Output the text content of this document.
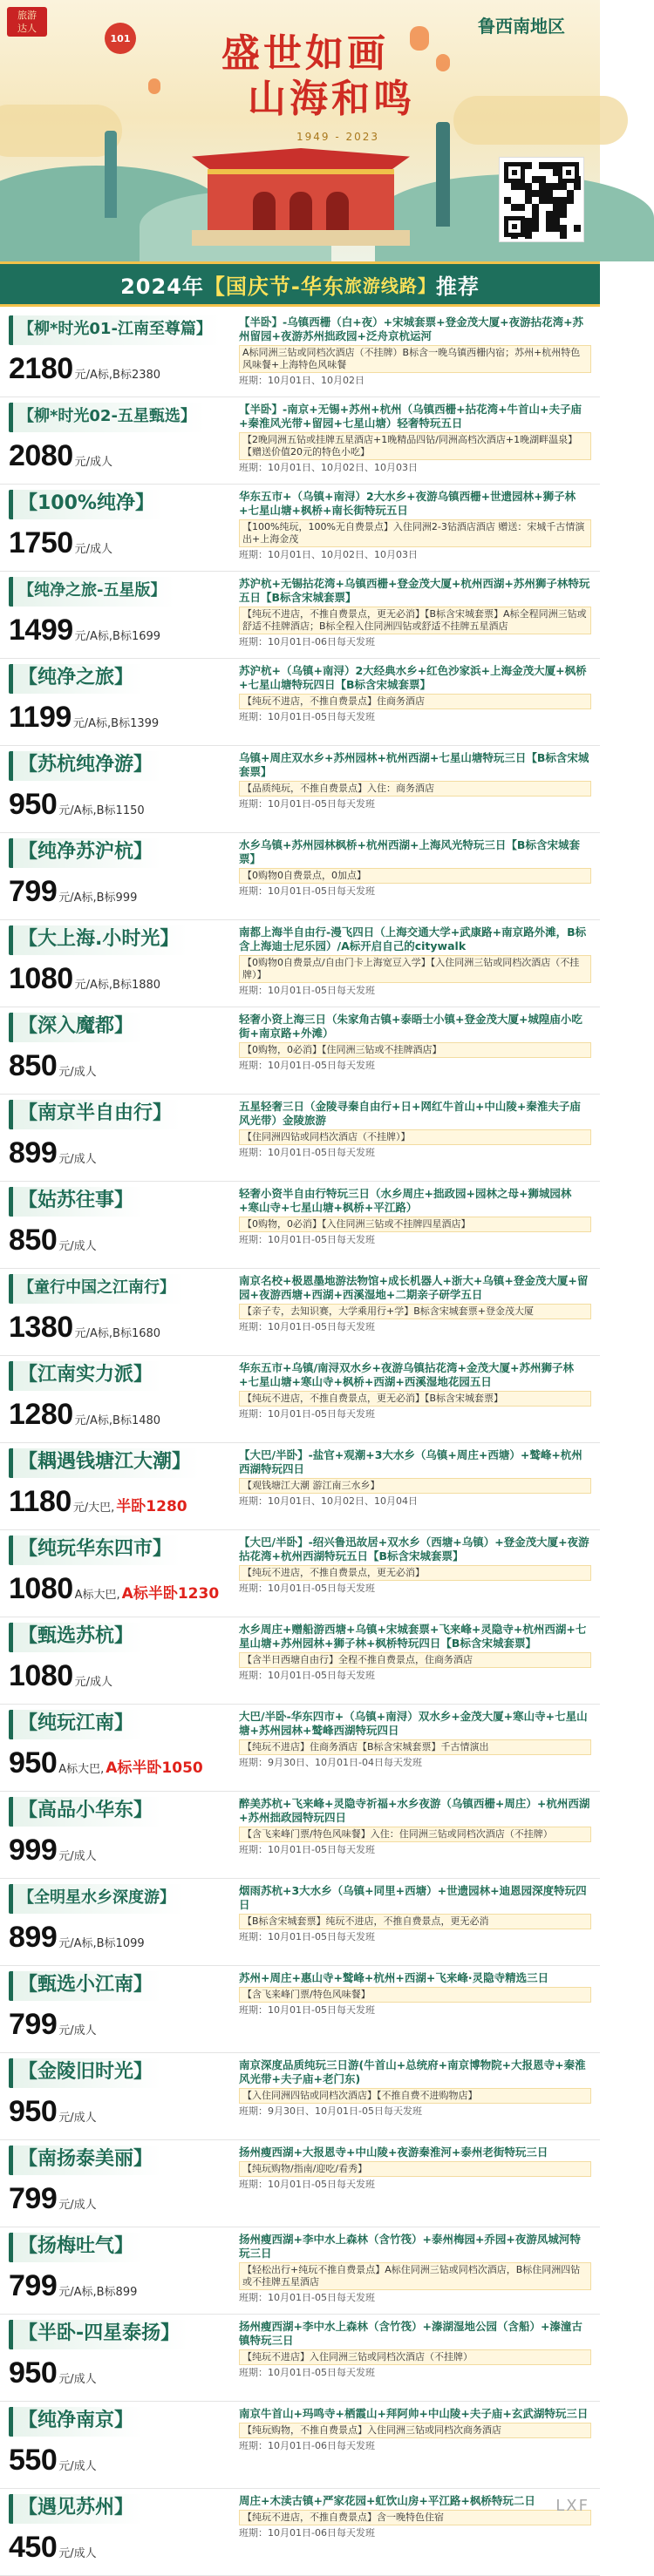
旅游
达人
101
鲁西南地区
盛世如画
山海和鸣
1949 - 2023
2024年 【国庆节-华东 旅游线路】 推荐
【柳*时光01-江南至尊篇】
2180 元/A标,B标2380
【半卧】-乌镇西栅（白+夜）+宋城套票+登金茂大厦+夜游拈花湾+苏州留园+夜游苏州拙政园+泛舟京杭运河
A标同洲三钻或同档次酒店（不挂牌）B标含一晚乌镇西栅内宿；苏州+杭州特色风味餐+上海特色风味餐
班期：10月01日、10月02日
【柳*时光02-五星甄选】
2080 元/成人
【半卧】-南京+无锡+苏州+杭州（乌镇西栅+拈花湾+牛首山+夫子庙+秦淮风光带+留园+七星山塘）轻奢特玩五日
【2晚同洲五钻或挂牌五星酒店+1晚精品四钻/同洲高档次酒店+1晚湖畔温泉】【赠送价值20元的特色小吃】
班期：10月01日、10月02日、10月03日
【100%纯净】
1750 元/成人
华东五市+（乌镇+南浔）2大水乡+夜游乌镇西栅+世遗园林+狮子林+七星山塘+枫桥+南长街特玩五日
【100%纯玩，100%无自费景点】入住同洲2-3钻酒店酒店 赠送：宋城千古情演出+上海金茂
班期：10月01日、10月02日、10月03日
【纯净之旅-五星版】
1499 元/A标,B标1699
苏沪杭+无锡拈花湾+乌镇西栅+登金茂大厦+杭州西湖+苏州狮子林特玩五日【B标含宋城套票】
【纯玩不进店，不推自费景点，更无必消】【B标含宋城套票】A标全程同洲三钻或舒适不挂牌酒店；B标全程入住同洲四钻或舒适不挂牌五星酒店
班期：10月01日-06日每天发班
【纯净之旅】
1199 元/A标,B标1399
苏沪杭+（乌镇+南浔）2大经典水乡+红色沙家浜+上海金茂大厦+枫桥+七星山塘特玩四日【B标含宋城套票】
【纯玩不进店，不推自费景点】住商务酒店
班期：10月01日-05日每天发班
【苏杭纯净游】
950 元/A标,B标1150
乌镇+周庄双水乡+苏州园林+杭州西湖+七星山塘特玩三日【B标含宋城套票】
【品质纯玩，不推自费景点】入住：商务酒店
班期：10月01日-05日每天发班
【纯净苏沪杭】
799 元/A标,B标999
水乡乌镇+苏州园林枫桥+杭州西湖+上海风光特玩三日【B标含宋城套票】
【0购物0自费景点，0加点】
班期：10月01日-05日每天发班
【大上海.小时光】
1080 元/A标,B标1880
南都上海半自由行-漫飞四日（上海交通大学+武康路+南京路外滩，B标含上海迪士尼乐园）/A标开启自己的citywalk
【0购物0自费景点/自由门卡上海宽豆入学】【入住同洲三钻或同档次酒店（不挂牌）】
班期：10月01日-05日每天发班
【深入魔都】
850 元/成人
轻奢小资上海三日（朱家角古镇+泰晤士小镇+登金茂大厦+城隍庙小吃街+南京路+外滩）
【0购物，0必消】【住同洲三钻或不挂牌酒店】
班期：10月01日-05日每天发班
【南京半自由行】
899 元/成人
五星轻奢三日（金陵寻秦自由行+日+网红牛首山+中山陵+秦淮夫子庙风光带）金陵旅游
【住同洲四钻或同档次酒店（不挂牌）】
班期：10月01日-05日每天发班
【姑苏往事】
850 元/成人
轻奢小资半自由行特玩三日（水乡周庄+拙政园+园林之母+狮城园林+寒山寺+七星山塘+枫桥+平江路）
【0购物，0必消】【入住同洲三钻或不挂牌四星酒店】
班期：10月01日-05日每天发班
【童行中国之江南行】
1380 元/A标,B标1680
南京名校+极恩墨地游法物馆+成长机器人+浙大+乌镇+登金茂大厦+留园+夜游西塘+西湖+西溪湿地+二期亲子研学五日
【亲子专，去知识赛，大学乘用行+学】B标含宋城套票+登金茂大厦
班期：10月01日-05日每天发班
【江南实力派】
1280 元/A标,B标1480
华东五市+乌镇/南浔双水乡+夜游乌镇拈花湾+金茂大厦+苏州狮子林+七星山塘+寒山寺+枫桥+西湖+西溪湿地花园五日
【纯玩不进店，不推自费景点，更无必消】【B标含宋城套票】
班期：10月01日-05日每天发班
【耦遇钱塘江大潮】
1180 元/大巴, 半卧1280
【大巴/半卧】-盐官+观潮+3大水乡（乌镇+周庄+西塘）+鹫峰+杭州西湖特玩四日
【观钱塘江大潮 游江南三水乡】
班期：10月01日、10月02日、10月04日
【纯玩华东四市】
1080 A标大巴, A标半卧1230
【大巴/半卧】-绍兴鲁迅故居+双水乡（西塘+乌镇）+登金茂大厦+夜游拈花湾+杭州西湖特玩五日【B标含宋城套票】
【纯玩不进店，不推自费景点，更无必消】
班期：10月01日-05日每天发班
【甄选苏杭】
1080 元/成人
水乡周庄+赠船游西塘+乌镇+宋城套票+飞来峰+灵隐寺+杭州西湖+七星山塘+苏州园林+狮子林+枫桥特玩四日【B标含宋城套票】
【含半日西塘自由行】全程不推自费景点，住商务酒店
班期：10月01日-05日每天发班
【纯玩江南】
950 A标大巴, A标半卧1050
大巴/半卧-华东四市+（乌镇+南浔）双水乡+金茂大厦+寒山寺+七星山塘+苏州园林+鹫峰西湖特玩四日
【纯玩不进店】住商务酒店【B标含宋城套票】千古情演出
班期：9月30日、10月01日-04日每天发班
【高品小华东】
999 元/成人
醉美苏杭+飞来峰+灵隐寺祈福+水乡夜游（乌镇西栅+周庄）+杭州西湖+苏州拙政园特玩四日
【含飞来峰门票/特色风味餐】入住：住同洲三钻或同档次酒店（不挂牌）
班期：10月01日-05日每天发班
【全明星水乡深度游】
899 元/A标,B标1099
烟雨苏杭+3大水乡（乌镇+同里+西塘）+世遗园林+迪恩园深度特玩四日
【B标含宋城套票】纯玩不进店，不推自费景点，更无必消
班期：10月01日-05日每天发班
【甄选小江南】
799 元/成人
苏州+周庄+惠山寺+鹫峰+杭州+西湖+飞来峰·灵隐寺精选三日
【含飞来峰门票/特色风味餐】
班期：10月01日-05日每天发班
【金陵旧时光】
950 元/成人
南京深度品质纯玩三日游(牛首山+总统府+南京博物院+大报恩寺+秦淮风光带+夫子庙+老门东)
【入住同洲四钻或同档次酒店】【不推自费不进购物店】
班期：9月30日、10月01日-05日每天发班
【南扬泰美丽】
799 元/成人
扬州瘦西湖+大报恩寺+中山陵+夜游秦淮河+泰州老街特玩三日
【纯玩购物/指南/迎吃/看秀】
班期：10月01日-05日每天发班
【扬梅吐气】
799 元/A标,B标899
扬州瘦西湖+李中水上森林（含竹筏）+泰州梅园+乔园+夜游凤城河特玩三日
【轻松出行+纯玩不推自费景点】A标住同洲三钻或同档次酒店，B标住同洲四钻或不挂牌五星酒店
班期：10月01日-05日每天发班
【半卧-四星泰扬】
950 元/成人
扬州瘦西湖+李中水上森林（含竹筏）+溱湖湿地公园（含船）+溱潼古镇特玩三日
【纯玩不进店】入住同洲三钻或同档次酒店（不挂牌）
班期：10月01日-05日每天发班
【纯净南京】
550 元/成人
南京牛首山+玛鸣寺+栖霞山+拜阿帅+中山陵+夫子庙+玄武湖特玩三日
【纯玩购物，不推自费景点】入住同洲三钻或同档次商务酒店
班期：10月01日-06日每天发班
【遇见苏州】
450 元/成人
周庄+木渎古镇+严家花园+虹饮山房+平江路+枫桥特玩二日
【纯玩不进店，不推自费景点】含一晚特色住宿
班期：10月01日-06日每天发班
LXF
